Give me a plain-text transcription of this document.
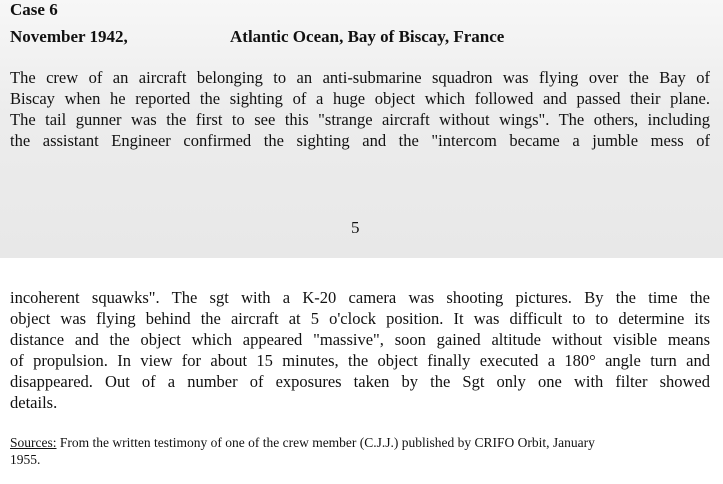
Case 6
November 1942,	Atlantic Ocean, Bay of Biscay, France
The crew of an aircraft belonging to an anti-submarine squadron was flying over the Bay of
Biscay when he reported the sighting of a huge object which followed and passed their plane.
The tail gunner was the first to see this "strange aircraft without wings". The others, including
the assistant Engineer confirmed the sighting and the "intercom became a jumble mess of
5
incoherent squawks". The sgt with a K-20 camera was shooting pictures. By the time the
object was flying behind the aircraft at 5 o'clock position. It was difficult to to determine its
distance and the object which appeared "massive", soon gained altitude without visible means
of propulsion. In view for about 15 minutes, the object finally executed a 180° angle turn and
disappeared. Out of a number of exposures taken by the Sgt only one with filter showed
details.
Sources: From the written testimony of one of the crew member (C.J.J.) published by CRIFO Orbit, January
1955.
